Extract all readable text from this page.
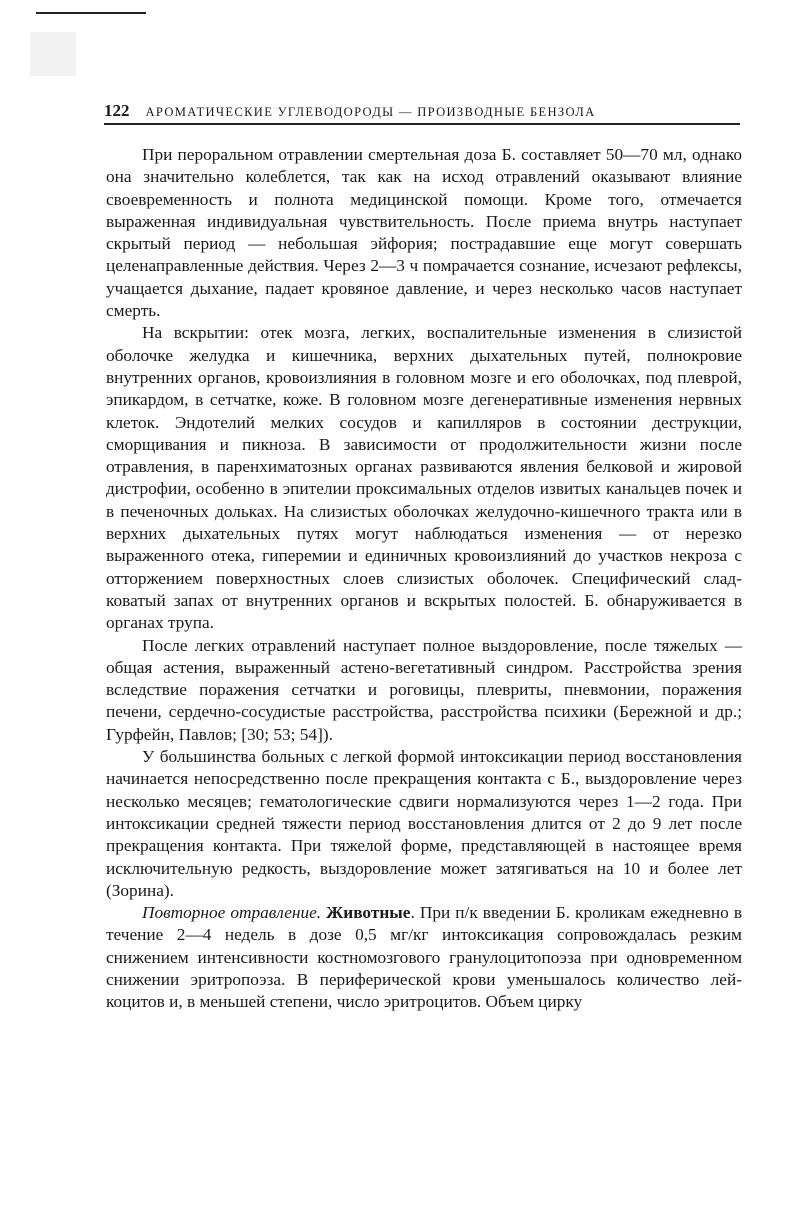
122 АРОМАТИЧЕСКИЕ УГЛЕВОДОРОДЫ — ПРОИЗВОДНЫЕ БЕНЗОЛА

При пероральном отравлении смертельная доза Б. составляет 50—70 мл, однако она значительно колеблется, так как на исход отравлений оказывают влияние своевременность и полнота медицинской помощи. Кроме того, отмечается выраженная индивидуальная чувствительность. После приема внутрь наступает скрытый период — небольшая эйфория; пострадавшие еще могут совершать целенаправленные действия. Через 2—3 ч помрачается сознание, исчезают рефлексы, учащается дыхание, падает кровяное давление, и через несколько часов наступает смерть.

На вскрытии: отек мозга, легких, воспалительные изменения в слизистой оболочке желудка и кишечника, верхних дыхательных путей, полнокровие внутренних органов, кровоизлияния в головном мозге и его оболочках, под плеврой, эпикардом, в сетчатке, коже. В головном мозге дегенеративные изменения нервных клеток. Эндотелий мелких сосудов и капилляров в состоянии деструкции, сморщивания и пикноза. В зависимости от продолжительности жизни после отравления, в паренхиматозных органах развиваются явления белковой и жировой дистрофии, особенно в эпителии проксимальных отделов извитых канальцев почек и в печеночных дольках. На слизистых оболочках желудочно-кишечного тракта или в верхних дыхательных путях могут наблюдаться изменения — от нерезко выраженного отека, гиперемии и единичных кровоизлияний до участков некроза с отторжением поверхностных слоев слизистых оболочек. Специфический сладковатый запах от внутренних органов и вскрытых полостей. Б. обнаруживается в органах трупа.

После легких отравлений наступает полное выздоровление, после тяжелых — общая астения, выраженный астено-вегетативный синдром. Расстройства зрения вследствие поражения сетчатки и роговицы, плевриты, пневмонии, поражения печени, сердечно-сосудистые расстройства, расстройства психики (Бережной и др.; Гурфейн, Павлов; [30; 53; 54]).

У большинства больных с легкой формой интоксикации период восстановления начинается непосредственно после прекращения контакта с Б., выздоровление через несколько месяцев; гематологические сдвиги нормализуются через 1—2 года. При интоксикации средней тяжести период восстановления длится от 2 до 9 лет после прекращения контакта. При тяжелой форме, представляющей в настоящее время исключительную редкость, выздоровление может затягиваться на 10 и более лет (Зорина).

Повторное отравление. Животные. При п/к введении Б. кроликам ежедневно в течение 2—4 недель в дозе 0,5 мг/кг интоксикация сопровождалась резким снижением интенсивности костномозгового гранулоцитопоэза при одновременном снижении эритропоэза. В периферической крови уменьшалось количество лейкоцитов и, в меньшей степени, число эритроцитов. Объем цирку
